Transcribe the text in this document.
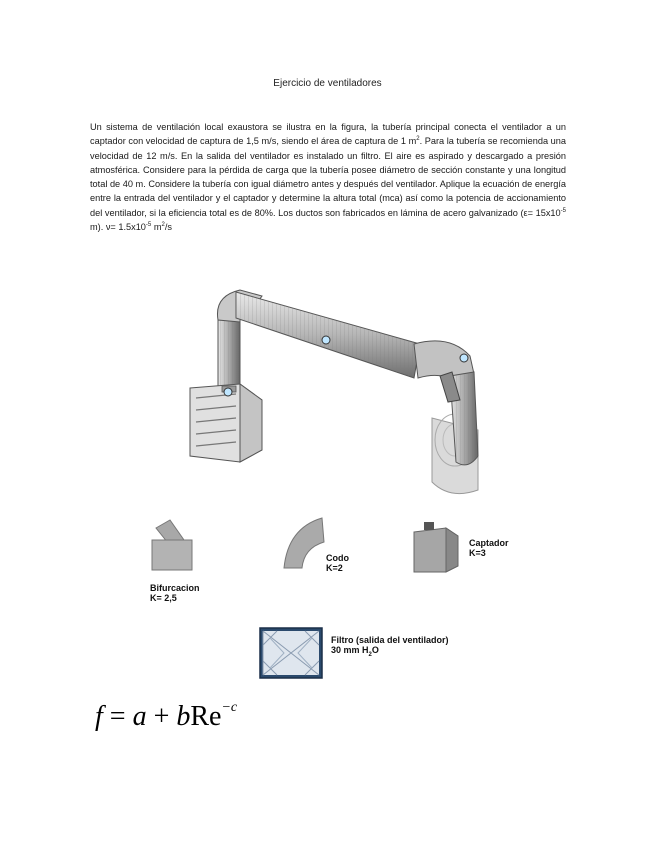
Ejercicio de ventiladores
Un sistema de ventilación local exaustora se ilustra en la figura, la tubería principal conecta el ventilador a un captador con velocidad de captura de 1,5 m/s, siendo el área de captura de 1 $m^2$. Para la tubería se recomienda una velocidad de 12 m/s. En la salida del ventilador es instalado un filtro. El aire es aspirado y descargado a presión atmosférica. Considere para la pérdida de carga que la tubería posee diámetro de sección constante y una longitud total de 40 m. Considere la tubería con igual diámetro antes y después del ventilador. Aplique la ecuación de energía entre la entrada del ventilador y el captador y determine la altura total (mca) así como la potencia de accionamiento del ventilador, si la eficiencia total es de 80%. Los ductos son fabricados en lámina de acero galvanizado ($\varepsilon= 15x10^{-5}$ m). $\nu= 1.5x10^{-5}$ $m^2/s$
Bifurcacion
K= 2,5
Codo
K=2
Captador
K=3
Filtro (salida del ventilador)
30 mm $H_2O$
f = a + bRe$^{-c}$
